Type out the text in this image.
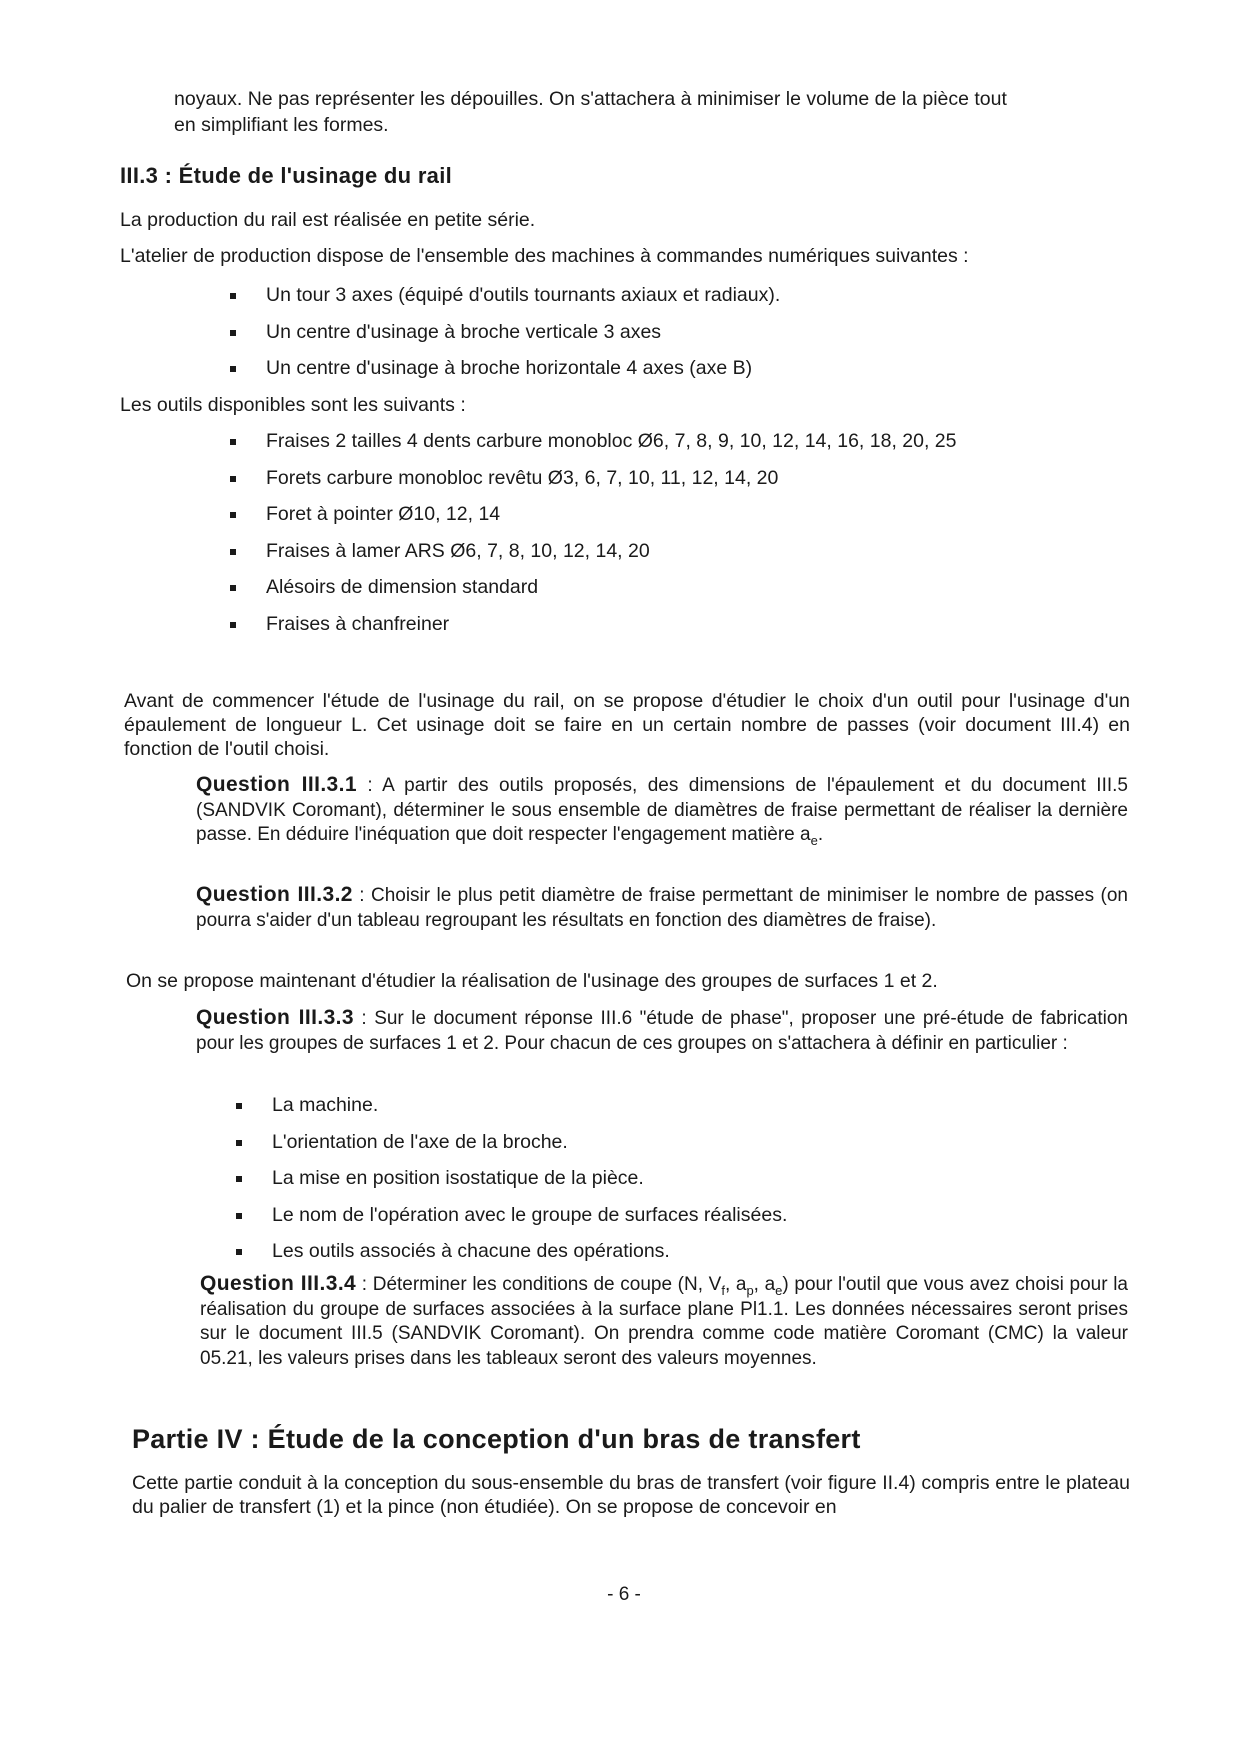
noyaux. Ne pas représenter les dépouilles. On s'attachera à minimiser le volume de la pièce tout

en simplifiant les formes.

III.3 : Étude de l'usinage du rail

La production du rail est réalisée en petite série.

L'atelier de production dispose de l'ensemble des machines à commandes numériques suivantes :

Un tour 3 axes (équipé d'outils tournants axiaux et radiaux).
Un centre d'usinage à broche verticale 3 axes
Un centre d'usinage à broche horizontale 4 axes (axe B)

Les outils disponibles sont les suivants :

Fraises 2 tailles 4 dents carbure monobloc Ø6, 7, 8, 9, 10, 12, 14, 16, 18, 20, 25
Forets carbure monobloc revêtu Ø3, 6, 7, 10, 11, 12, 14, 20
Foret à pointer Ø10, 12, 14
Fraises à lamer ARS Ø6, 7, 8, 10, 12, 14, 20
Alésoirs de dimension standard
Fraises à chanfreiner

Avant de commencer l'étude de l'usinage du rail, on se propose d'étudier le choix d'un outil pour l'usinage d'un épaulement de longueur L. Cet usinage doit se faire en un certain nombre de passes (voir document III.4) en fonction de l'outil choisi.

Question III.3.1 : A partir des outils proposés, des dimensions de l'épaulement et du document III.5 (SANDVIK Coromant), déterminer le sous ensemble de diamètres de fraise permettant de réaliser la dernière passe. En déduire l'inéquation que doit respecter l'engagement matière $a_e$.

Question III.3.2 : Choisir le plus petit diamètre de fraise permettant de minimiser le nombre de passes (on pourra s'aider d'un tableau regroupant les résultats en fonction des diamètres de fraise).

On se propose maintenant d'étudier la réalisation de l'usinage des groupes de surfaces 1 et 2.

Question III.3.3 : Sur le document réponse III.6 "étude de phase", proposer une pré-étude de fabrication pour les groupes de surfaces 1 et 2. Pour chacun de ces groupes on s'attachera à définir en particulier :

La machine.
L'orientation de l'axe de la broche.
La mise en position isostatique de la pièce.
Le nom de l'opération avec le groupe de surfaces réalisées.
Les outils associés à chacune des opérations.

Question III.3.4 : Déterminer les conditions de coupe (N, $V_f$, $a_p$, $a_e$) pour l'outil que vous avez choisi pour la réalisation du groupe de surfaces associées à la surface plane Pl1.1. Les données nécessaires seront prises sur le document III.5 (SANDVIK Coromant). On prendra comme code matière Coromant (CMC) la valeur 05.21, les valeurs prises dans les tableaux seront des valeurs moyennes.

Partie IV : Étude de la conception d'un bras de transfert

Cette partie conduit à la conception du sous-ensemble du bras de transfert (voir figure II.4) compris entre le plateau du palier de transfert (1) et la pince (non étudiée). On se propose de concevoir en

- 6 -
